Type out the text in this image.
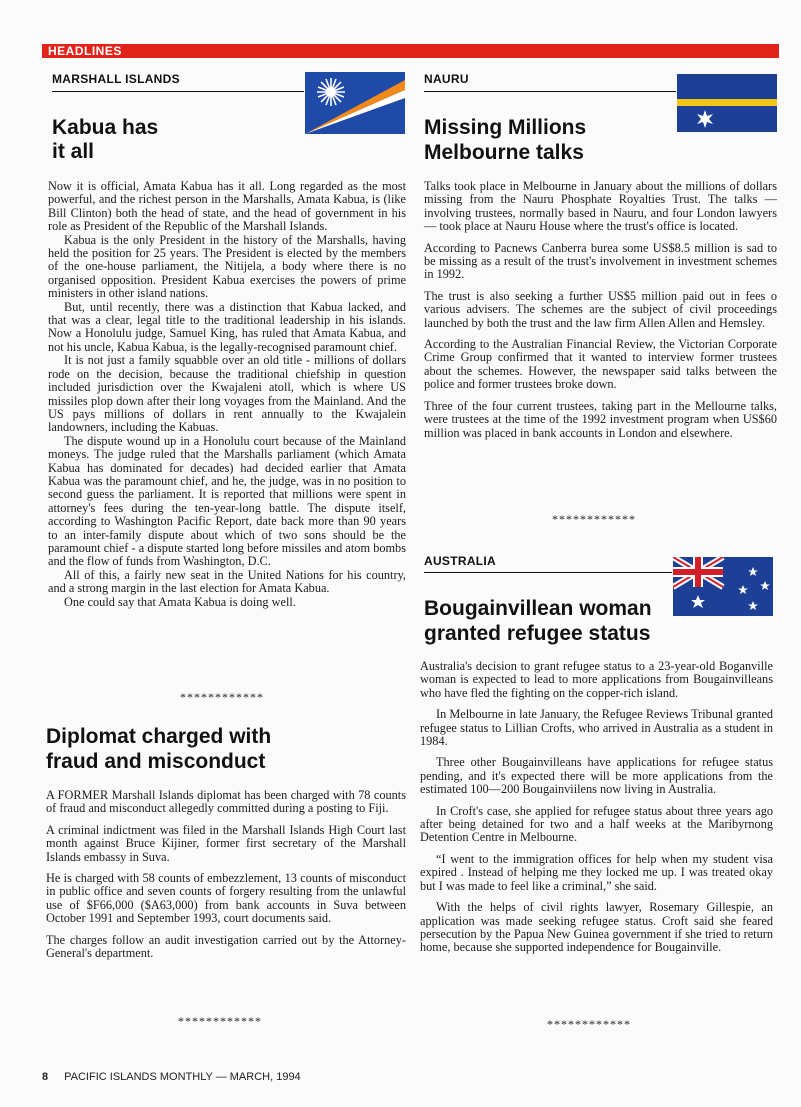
HEADLINES
MARSHALL ISLANDS
Kabua has
it all

Now it is official, Amata Kabua has it all. Long regarded as the most powerful, and the richest person in the Marshalls, Amata Kabua, is (like Bill Clinton) both the head of state, and the head of government in his role as President of the Republic of the Marshall Islands.

Kabua is the only President in the history of the Marshalls, having held the position for 25 years. The President is elected by the members of the one-house parliament, the Nitijela, a body where there is no organised opposition. President Kabua exercises the powers of prime ministers in other island nations.

But, until recently, there was a distinction that Kabua lacked, and that was a clear, legal title to the traditional leadership in his islands. Now a Honolulu judge, Samuel King, has ruled that Amata Kabua, and not his uncle, Kabua Kabua, is the legally-recognised paramount chief.

It is not just a family squabble over an old title - millions of dollars rode on the decision, because the traditional chiefship in question included jurisdiction over the Kwajaleni atoll, which is where US missiles plop down after their long voyages from the Mainland. And the US pays millions of dollars in rent annually to the Kwajalein landowners, including the Kabuas.

The dispute wound up in a Honolulu court because of the Mainland moneys. The judge ruled that the Marshalls parliament (which Amata Kabua has dominated for decades) had decided earlier that Amata Kabua was the paramount chief, and he, the judge, was in no position to second guess the parliament. It is reported that millions were spent in attorney's fees during the ten-year-long battle. The dispute itself, according to Washington Pacific Report, date back more than 90 years to an inter-family dispute about which of two sons should be the paramount chief - a dispute started long before missiles and atom bombs and the flow of funds from Washington, D.C.

All of this, a fairly new seat in the United Nations for his country, and a strong margin in the last election for Amata Kabua.

One could say that Amata Kabua is doing well.

************
Diplomat charged with
fraud and misconduct

A FORMER Marshall Islands diplomat has been charged with 78 counts of fraud and misconduct allegedly committed during a posting to Fiji.

A criminal indictment was filed in the Marshall Islands High Court last month against Bruce Kijiner, former first secretary of the Marshall Islands embassy in Suva.

He is charged with 58 counts of embezzlement, 13 counts of misconduct in public office and seven counts of forgery resulting from the unlawful use of $F66,000 ($A63,000) from bank accounts in Suva between October 1991 and September 1993, court documents said.

The charges follow an audit investigation carried out by the Attorney-General's department.

************
NAURU
Missing Millions
Melbourne talks

Talks took place in Melbourne in January about the millions of dollars missing from the Nauru Phosphate Royalties Trust. The talks — involving trustees, normally based in Nauru, and four London lawyers — took place at Nauru House where the trust's office is located.

According to Pacnews Canberra burea some US$8.5 million is sad to be missing as a result of the trust's involvement in investment schemes in 1992.

The trust is also seeking a further US$5 million paid out in fees o various advisers. The schemes are the subject of civil proceedings launched by both the trust and the law firm Allen Allen and Hemsley.

According to the Australian Financial Review, the Victorian Corporate Crime Group confirmed that it wanted to interview former trustees about the schemes. However, the newspaper said talks between the police and former trustees broke down.

Three of the four current trustees, taking part in the Mellourne talks, were trustees at the time of the 1992 investment program when US$60 million was placed in bank accounts in London and elsewhere.

************
AUSTRALIA
Bougainvillean woman
granted refugee status

Australia's decision to grant refugee status to a 23-year-old Boganville woman is expected to lead to more applications from Bougainvilleans who have fled the fighting on the copper-rich island.

In Melbourne in late January, the Refugee Reviews Tribunal granted refugee status to Lillian Crofts, who arrived in Australia as a student in 1984.

Three other Bougainvilleans have applications for refugee status pending, and it's expected there will be more applications from the estimated 100—200 Bougainviilens now living in Australia.

In Croft's case, she applied for refugee status about three years ago after being detained for two and a half weeks at the Maribyrnong Detention Centre in Melbourne.

“I went to the immigration offices for help when my student visa expired . Instead of helping me they locked me up. I was treated okay but I was made to feel like a criminal,” she said.

With the helps of civil rights lawyer, Rosemary Gillespie, an application was made seeking refugee status. Croft said she feared persecution by the Papua New Guinea government if she tried to return home, because she supported independence for Bougainville.

************
8 PACIFIC ISLANDS MONTHLY — MARCH, 1994
